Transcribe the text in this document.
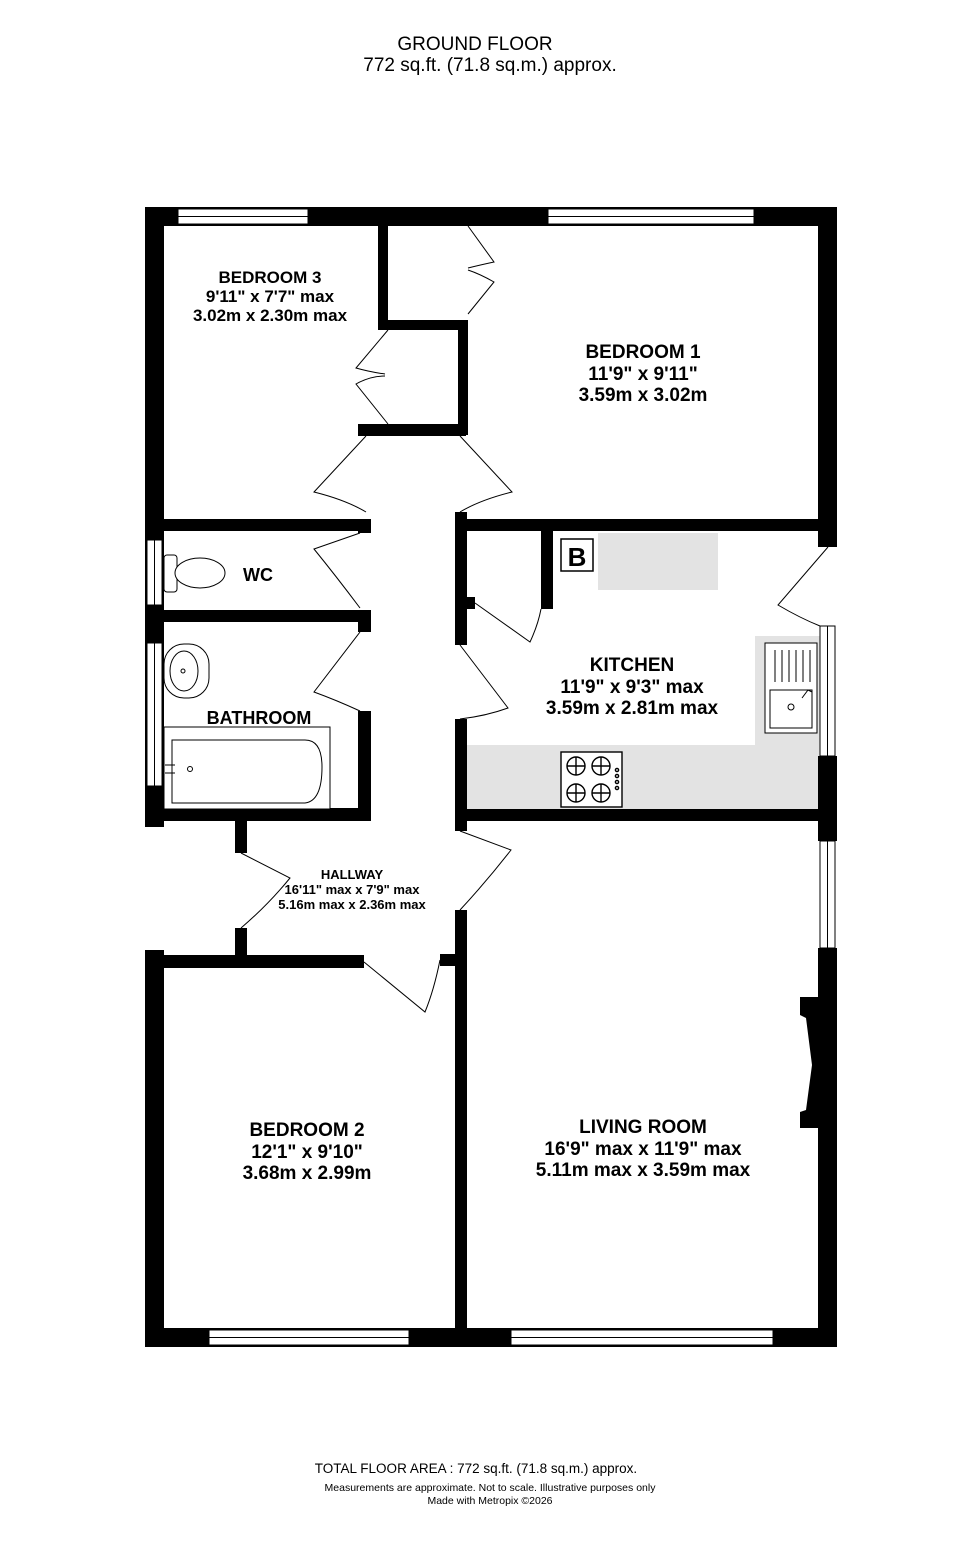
GROUND FLOOR
772 sq.ft. (71.8 sq.m.) approx.
B
BEDROOM 3
9'11" x 7'7" max
3.02m x 2.30m max
BEDROOM 1
11'9" x 9'11"
3.59m x 3.02m
WC
BATHROOM
KITCHEN
11'9" x 9'3" max
3.59m x 2.81m max
HALLWAY
16'11" max x 7'9" max
5.16m max x 2.36m max
BEDROOM 2
12'1" x 9'10"
3.68m x 2.99m
LIVING ROOM
16'9" max x 11'9" max
5.11m max x 3.59m max
TOTAL FLOOR AREA : 772 sq.ft. (71.8 sq.m.) approx.
Measurements are approximate. Not to scale. Illustrative purposes only
Made with Metropix ©2026
